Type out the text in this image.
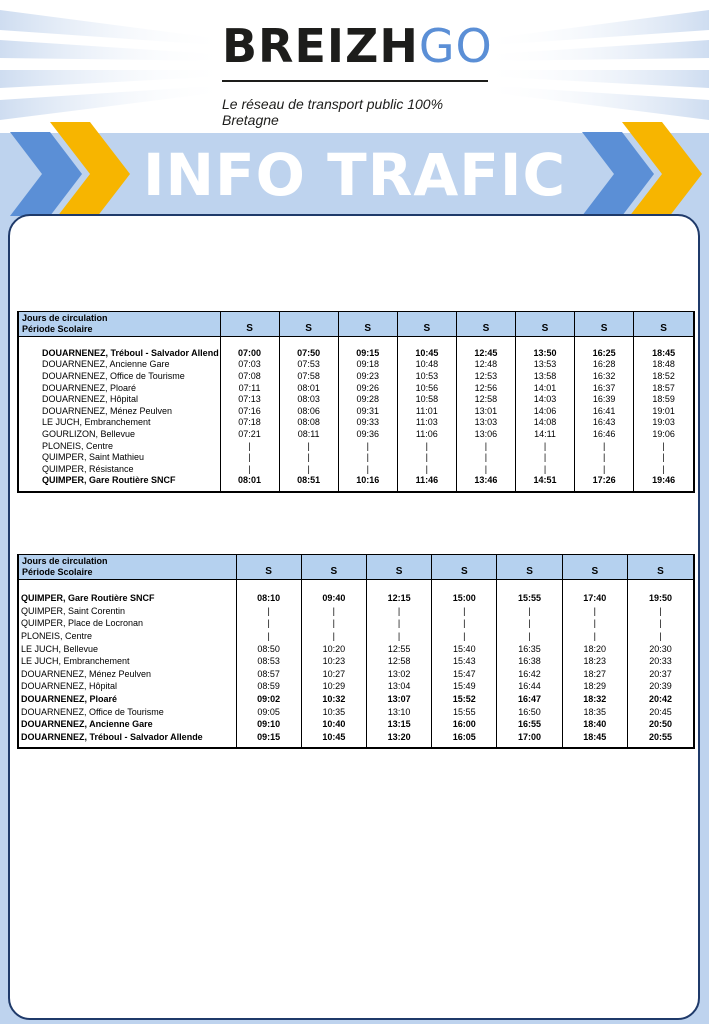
BREIZHGO
Le réseau de transport public 100% Bretagne
INFO TRAFIC
Jours de circulation
Période Scolaire	S	S	S	S	S	S	S	S

DOUARNENEZ, Tréboul - Salvador Allend	07:00	07:50	09:15	10:45	12:45	13:50	16:25	18:45
DOUARNENEZ, Ancienne Gare	07:03	07:53	09:18	10:48	12:48	13:53	16:28	18:48
DOUARNENEZ, Office de Tourisme	07:08	07:58	09:23	10:53	12:53	13:58	16:32	18:52
DOUARNENEZ, Ploaré	07:11	08:01	09:26	10:56	12:56	14:01	16:37	18:57
DOUARNENEZ, Hôpital	07:13	08:03	09:28	10:58	12:58	14:03	16:39	18:59
DOUARNENEZ, Ménez Peulven	07:16	08:06	09:31	11:01	13:01	14:06	16:41	19:01
LE JUCH, Embranchement	07:18	08:08	09:33	11:03	13:03	14:08	16:43	19:03
GOURLIZON, Bellevue	07:21	08:11	09:36	11:06	13:06	14:11	16:46	19:06
PLONEIS, Centre	|	|	|	|	|	|	|	|
QUIMPER, Saint Mathieu	|	|	|	|	|	|	|	|
QUIMPER, Résistance	|	|	|	|	|	|	|	|
QUIMPER, Gare Routière SNCF	08:01	08:51	10:16	11:46	13:46	14:51	17:26	19:46

Jours de circulation
Période Scolaire	S	S	S	S	S	S	S

QUIMPER, Gare Routière SNCF	08:10	09:40	12:15	15:00	15:55	17:40	19:50
QUIMPER, Saint Corentin	|	|	|	|	|	|	|
QUIMPER, Place de Locronan	|	|	|	|	|	|	|
PLONEIS, Centre	|	|	|	|	|	|	|
LE JUCH, Bellevue	08:50	10:20	12:55	15:40	16:35	18:20	20:30
LE JUCH, Embranchement	08:53	10:23	12:58	15:43	16:38	18:23	20:33
DOUARNENEZ, Ménez Peulven	08:57	10:27	13:02	15:47	16:42	18:27	20:37
DOUARNENEZ, Hôpital	08:59	10:29	13:04	15:49	16:44	18:29	20:39
DOUARNENEZ, Ploaré	09:02	10:32	13:07	15:52	16:47	18:32	20:42
DOUARNENEZ, Office de Tourisme	09:05	10:35	13:10	15:55	16:50	18:35	20:45
DOUARNENEZ, Ancienne Gare	09:10	10:40	13:15	16:00	16:55	18:40	20:50
DOUARNENEZ, Tréboul - Salvador Allende	09:15	10:45	13:20	16:05	17:00	18:45	20:55
